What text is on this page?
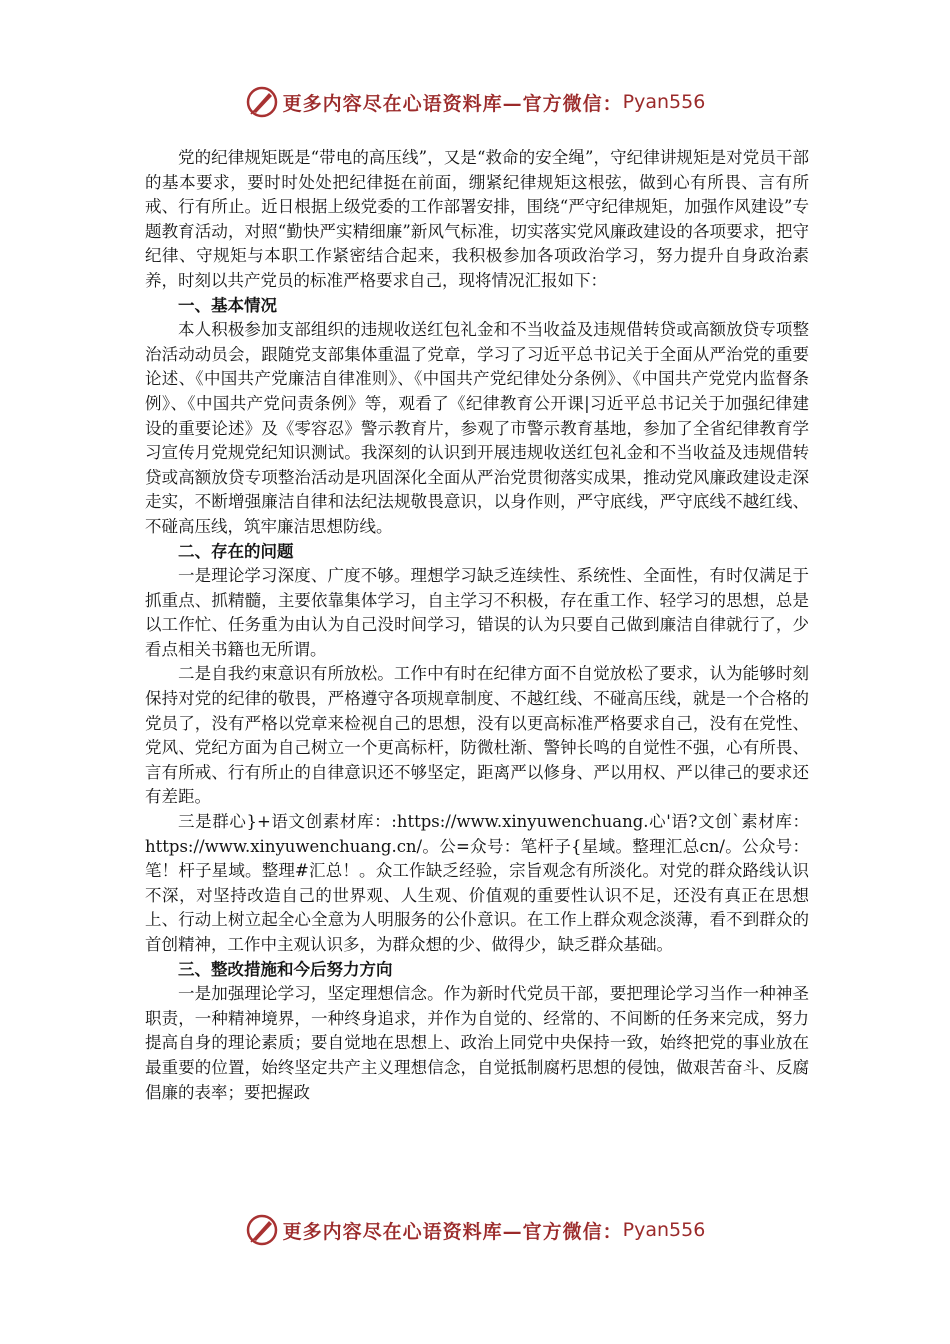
更多内容尽在心语资料库—官方微信： Pyan556

党的纪律规矩既是“带电的高压线”，又是“救命的安全绳”，守纪律讲规矩是对党员干部的基本要求，要时时处处把纪律挺在前面，绷紧纪律规矩这根弦，做到心有所畏、言有所戒、行有所止。近日根据上级党委的工作部署安排，围绕“严守纪律规矩，加强作风建设”专题教育活动，对照“勤快严实精细廉”新风气标准，切实落实党风廉政建设的各项要求，把守纪律、守规矩与本职工作紧密结合起来，我积极参加各项政治学习，努力提升自身政治素养，时刻以共产党员的标准严格要求自己，现将情况汇报如下：

一、基本情况

本人积极参加支部组织的违规收送红包礼金和不当收益及违规借转贷或高额放贷专项整治活动动员会，跟随党支部集体重温了党章，学习了习近平总书记关于全面从严治党的重要论述、《中国共产党廉洁自律准则》、《中国共产党纪律处分条例》、《中国共产党党内监督条例》、《中国共产党问责条例》等，观看了《纪律教育公开课|习近平总书记关于加强纪律建设的重要论述》及《零容忍》警示教育片，参观了市警示教育基地，参加了全省纪律教育学习宣传月党规党纪知识测试。我深刻的认识到开展违规收送红包礼金和不当收益及违规借转贷或高额放贷专项整治活动是巩固深化全面从严治党贯彻落实成果，推动党风廉政建设走深走实，不断增强廉洁自律和法纪法规敬畏意识，以身作则，严守底线，严守底线不越红线、不碰高压线，筑牢廉洁思想防线。

二、存在的问题

一是理论学习深度、广度不够。理想学习缺乏连续性、系统性、全面性，有时仅满足于抓重点、抓精髓，主要依靠集体学习，自主学习不积极，存在重工作、轻学习的思想，总是以工作忙、任务重为由认为自己没时间学习，错误的认为只要自己做到廉洁自律就行了，少看点相关书籍也无所谓。

二是自我约束意识有所放松。工作中有时在纪律方面不自觉放松了要求，认为能够时刻保持对党的纪律的敬畏，严格遵守各项规章制度、不越红线、不碰高压线，就是一个合格的党员了，没有严格以党章来检视自己的思想，没有以更高标准严格要求自己，没有在党性、党风、党纪方面为自己树立一个更高标杆，防微杜渐、警钟长鸣的自觉性不强，心有所畏、言有所戒、行有所止的自律意识还不够坚定，距离严以修身、严以用权、严以律己的要求还有差距。

三是群心}+语文创素材库：:https://www.xinyuwenchuang.心'语?文创`素材库：https://www.xinyuwenchuang.cn/。公=众号：笔杆子{星域。整理汇总cn/。公众号：笔！杆子星域。整理#汇总！。众工作缺乏经验，宗旨观念有所淡化。对党的群众路线认识不深，对坚持改造自己的世界观、人生观、价值观的重要性认识不足，还没有真正在思想上、行动上树立起全心全意为人明服务的公仆意识。在工作上群众观念淡薄，看不到群众的首创精神，工作中主观认识多，为群众想的少、做得少，缺乏群众基础。

三、整改措施和今后努力方向

一是加强理论学习，坚定理想信念。作为新时代党员干部，要把理论学习当作一种神圣职责，一种精神境界，一种终身追求，并作为自觉的、经常的、不间断的任务来完成，努力提高自身的理论素质；要自觉地在思想上、政治上同党中央保持一致，始终把党的事业放在最重要的位置，始终坚定共产主义理想信念，自觉抵制腐朽思想的侵蚀，做艰苦奋斗、反腐倡廉的表率；要把握政

更多内容尽在心语资料库—官方微信： Pyan556
